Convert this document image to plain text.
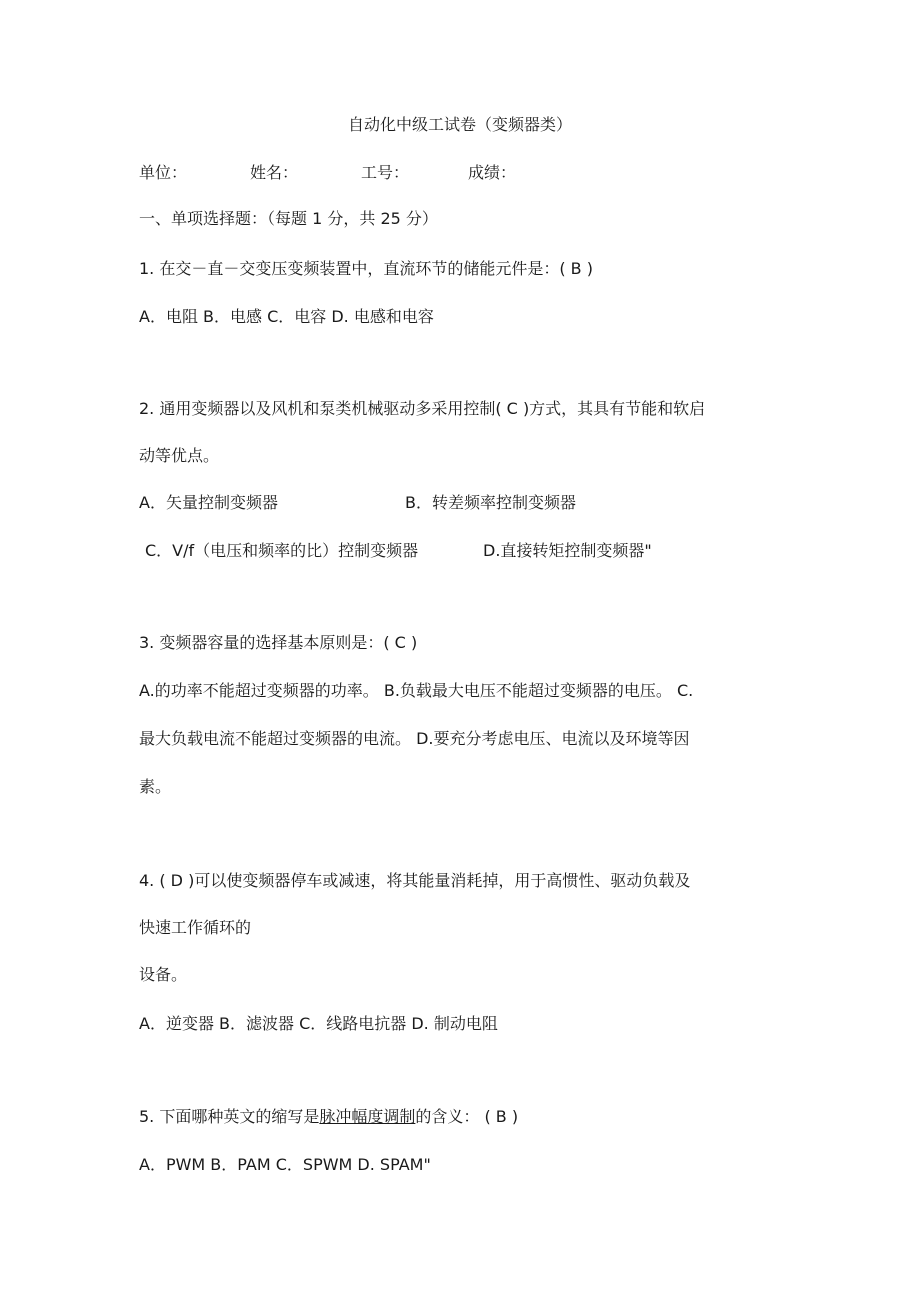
自动化中级工试卷（变频器类）
单位：	姓名：	工号：	成绩：
一、单项选择题：（每题 1 分，共 25 分）
1. 在交－直－交变压变频装置中，直流环节的储能元件是：( B )
A．电阻 B．电感 C．电容 D. 电感和电容
2. 通用变频器以及风机和泵类机械驱动多采用控制( C )方式，其具有节能和软启
动等优点。
A．矢量控制变频器	B．转差频率控制变频器
C．V/f（电压和频率的比）控制变频器	D.直接转矩控制变频器"
3. 变频器容量的选择基本原则是：( C )
A.的功率不能超过变频器的功率。 B.负载最大电压不能超过变频器的电压。 C.
最大负载电流不能超过变频器的电流。 D.要充分考虑电压、电流以及环境等因
素。
4. ( D )可以使变频器停车或减速，将其能量消耗掉，用于高惯性、驱动负载及
快速工作循环的
设备。
A．逆变器 B．滤波器 C．线路电抗器 D. 制动电阻
5. 下面哪种英文的缩写是脉冲幅度调制的含义： ( B )
A．PWM B．PAM C．SPWM D. SPAM"
